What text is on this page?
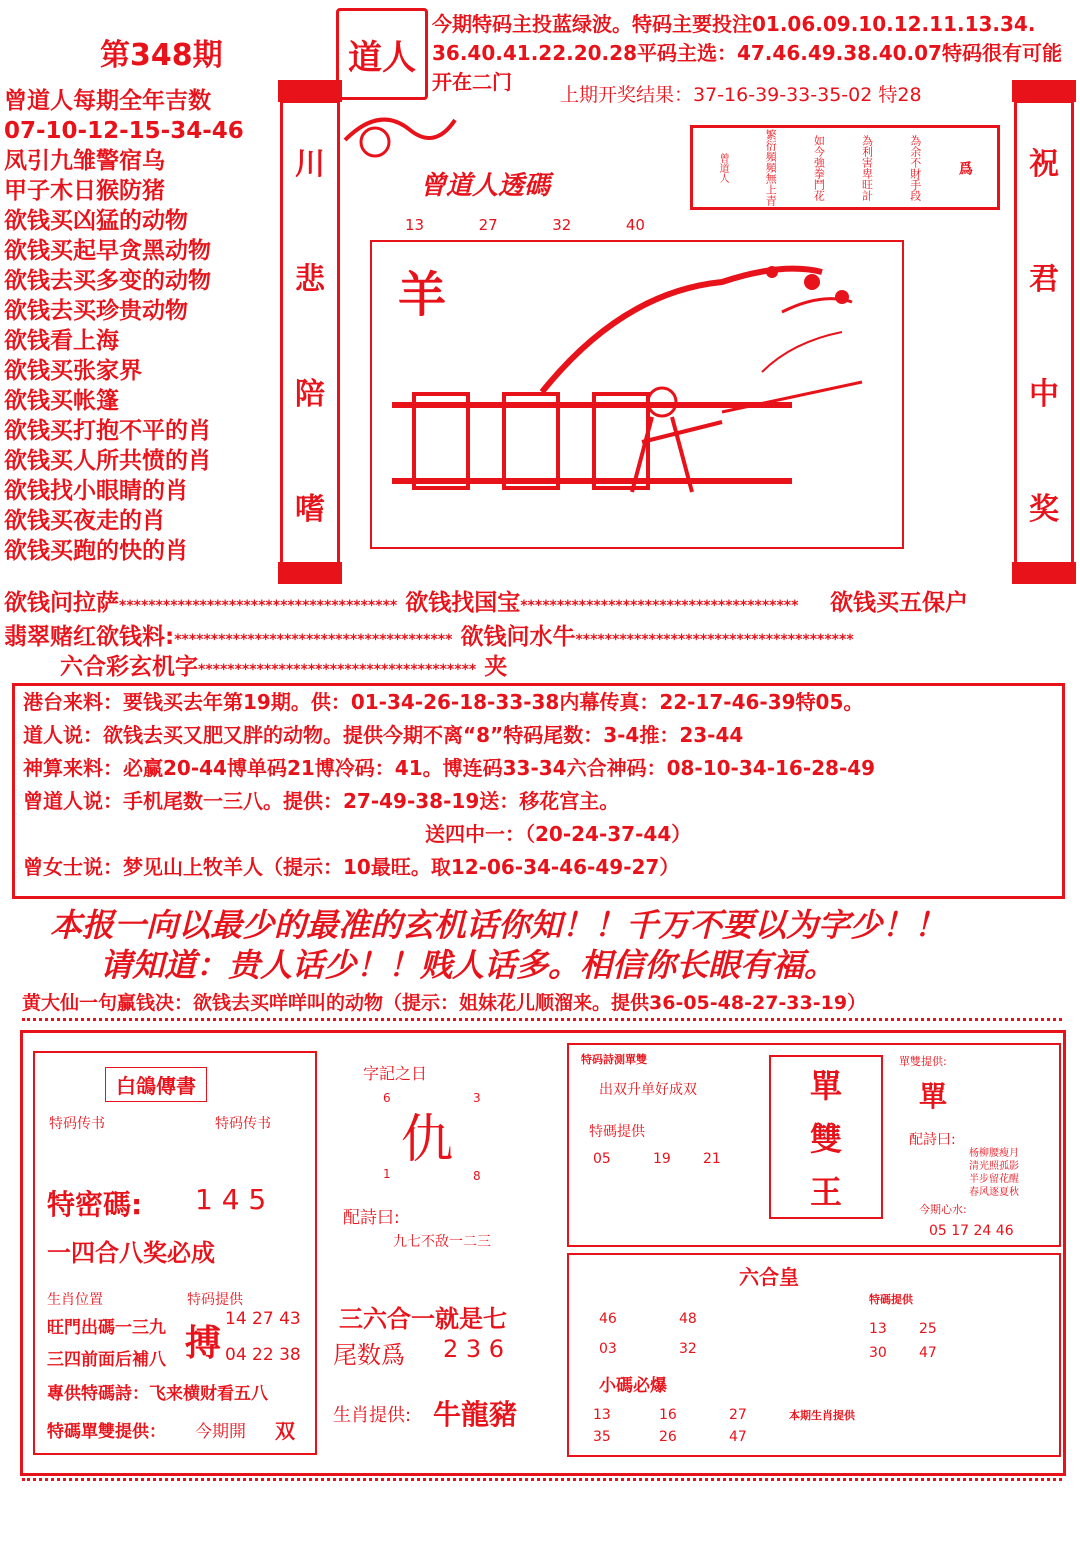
第348期	道人
今期特码主投蓝绿波。特码主要投注01.06.09.10.12.11.13.34.
36.40.41.22.20.28平码主选：47.46.49.38.40.07特码很有可能
开在二门
上期开奖结果：37-16-39-33-35-02 特28
曾道人每期全年吉数
07-10-12-15-34-46
凤引九雏警宿乌
甲子木日猴防猪
欲钱买凶猛的动物
欲钱买起早贪黑动物
欲钱去买多变的动物
欲钱去买珍贵动物
欲钱看上海
欲钱买张家界
欲钱买帐篷
欲钱买打抱不平的肖
欲钱买人所共愤的肖
欲钱找小眼睛的肖
欲钱买夜走的肖
欲钱买跑的快的肖
川
悲
陪
嗜
祝
君
中
奖
曾道人透碼
13	27	32	40
爲
為余不財手段
為利害卑旺計
如今強拳鬥花
繁衍頻頻無上青
曾道人
羊
欲钱问拉萨************************************** 欲钱找国宝**************************************	欲钱买五保户
翡翠赌红欲钱料:************************************** 欲钱问水牛**************************************
六合彩玄机字************************************** 夹
港台来料：要钱买去年第19期。供：01-34-26-18-33-38内幕传真：22-17-46-39特05。
道人说：欲钱去买又肥又胖的动物。提供今期不离“8”特码尾数：3-4推：23-44
神算来料：必赢20-44博单码21博冷码：41。博连码33-34六合神码：08-10-34-16-28-49
曾道人说：手机尾数一三八。提供：27-49-38-19送：移花宫主。
送四中一：（20-24-37-44）
曾女士说：梦见山上牧羊人（提示：10最旺。取12-06-34-46-49-27）
本报一向以最少的最准的玄机话你知！！千万不要以为字少！！
请知道：贵人话少！！贱人话多。相信你长眼有福。
黄大仙一句赢钱决：欲钱去买咩咩叫的动物（提示：姐妹花儿顺溜来。提供36-05-48-27-33-19）
白鴿傳書
特码传书	特码传书
特密碼: 1 4 5
一四合八奖必成
生肖位置
旺門出碼一三九
三四前面后補八
特码提供
搏
14 27 43
04 22 38
專供特碼詩：飞来横财看五八
特碼單雙提供： 今期開 双
字記之日
6	3
仇
1	8
配詩曰:
九七不敌一二三
三六合一就是七
尾数爲 2 3 6
生肖提供: 牛龍豬
特码詩測單雙
出双升单好成双
特碼提供
05	19 21
單
雙
王
單雙提供:
單
配詩曰:
杨柳腰瘦月
清光照孤影
半步留花醒
春风逐夏秋
今期心水:
05 17 24 46
六合皇
46	48
03	32
小碼必爆
13	16	27
35	26	47
特碼提供
13 25
30 47
本期生肖提供
